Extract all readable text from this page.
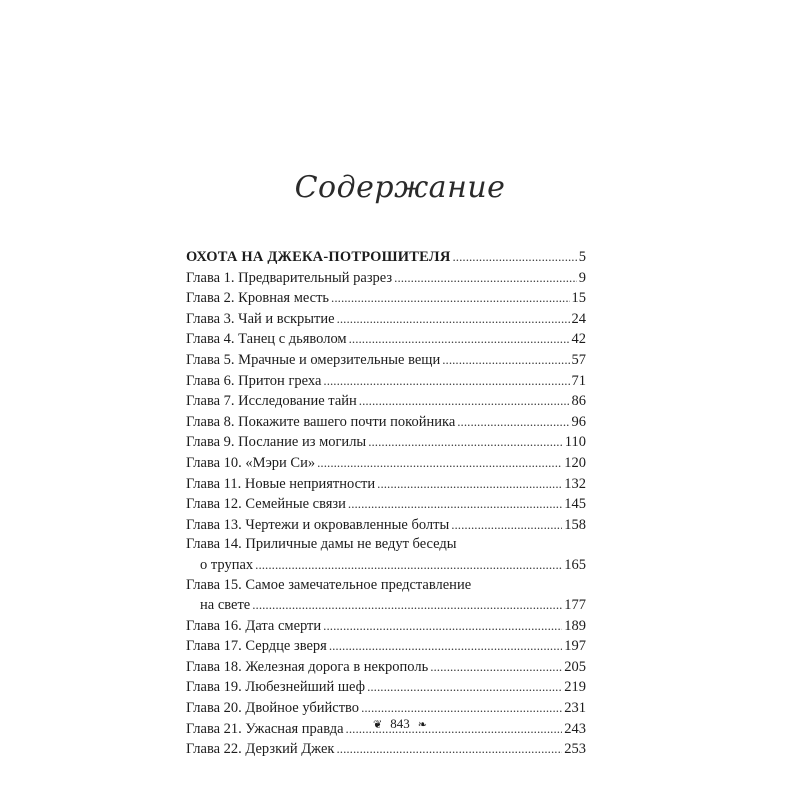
Содержание
ОХОТА НА ДЖЕКА-ПОТРОШИТЕЛЯ . . .	5
Глава 1. Предварительный разрез . . .	9
Глава 2. Кровная месть . . .	15
Глава 3. Чай и вскрытие . . .	24
Глава 4. Танец с дьяволом . . .	42
Глава 5. Мрачные и омерзительные вещи . . .	57
Глава 6. Притон греха . . .	71
Глава 7. Исследование тайн . . .	86
Глава 8. Покажите вашего почти покойника . . .	96
Глава 9. Послание из могилы . . .	110
Глава 10. «Мэри Си» . . .	120
Глава 11. Новые неприятности . . .	132
Глава 12. Семейные связи . . .	145
Глава 13. Чертежи и окровавленные болты . . .	158
Глава 14. Приличные дамы не ведут беседы
о трупах . . .	165
Глава 15. Самое замечательное представление
на свете . . .	177
Глава 16. Дата смерти . . .	189
Глава 17. Сердце зверя . . .	197
Глава 18. Железная дорога в некрополь . . .	205
Глава 19. Любезнейший шеф . . .	219
Глава 20. Двойное убийство . . .	231
Глава 21. Ужасная правда . . .	243
Глава 22. Дерзкий Джек . . .	253
❦ 843 ❧
